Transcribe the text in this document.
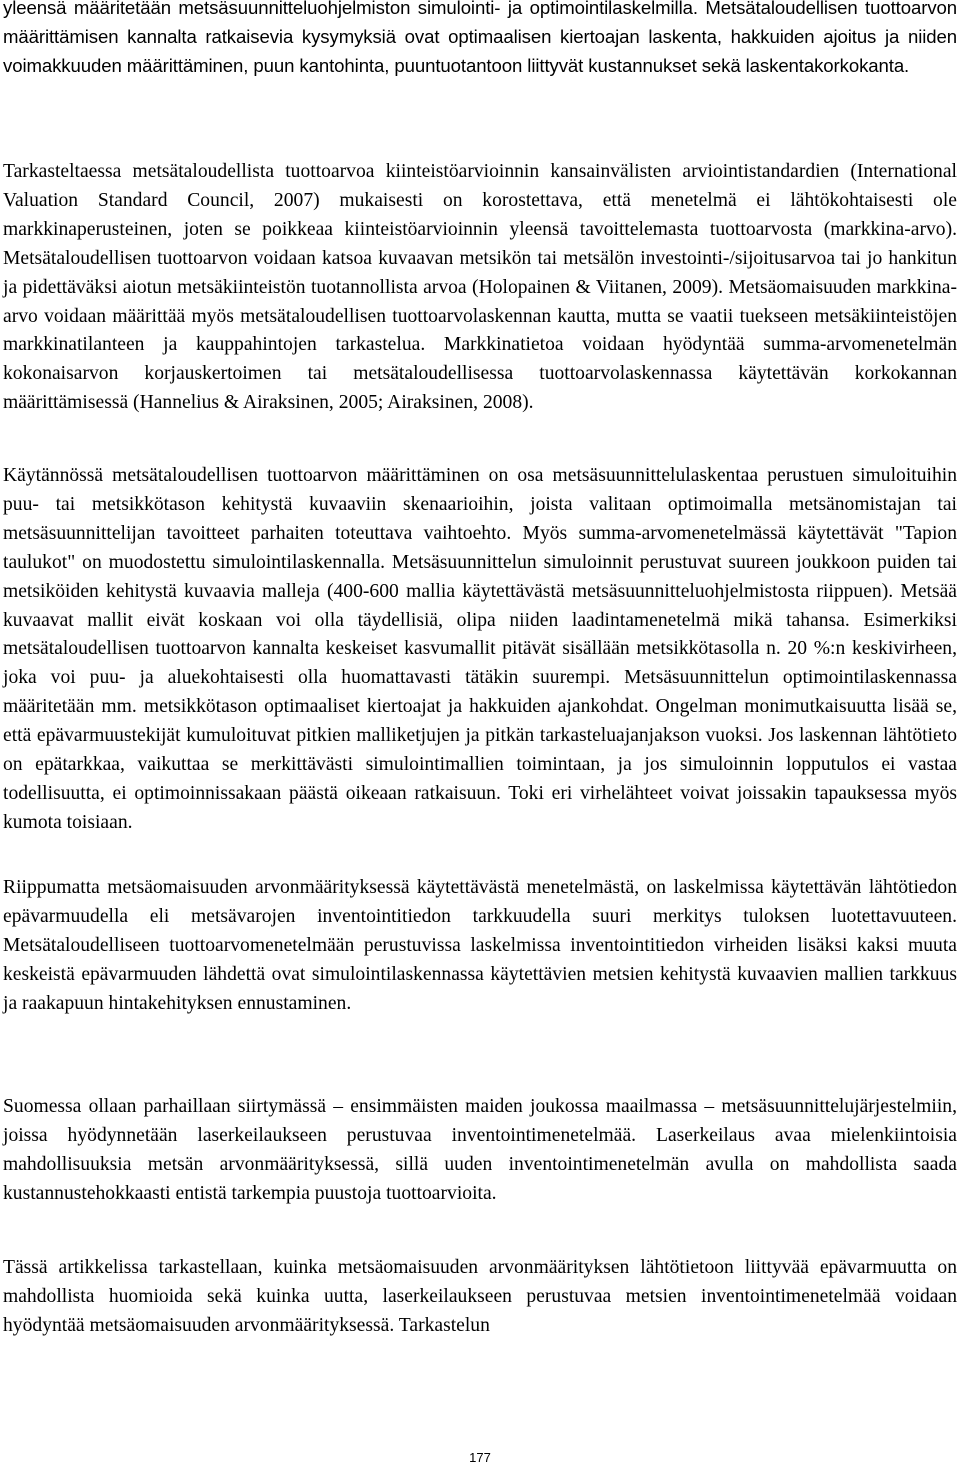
yleensä määritetään metsäsuunnitteluohjelmiston simulointi- ja optimointilaskelmilla. Metsätaloudellisen tuottoarvon määrittämisen kannalta ratkaisevia kysymyksiä ovat optimaalisen kiertoajan laskenta, hakkuiden ajoitus ja niiden voimakkuuden määrittäminen, puun kantohinta, puuntuotantoon liittyvät kustannukset sekä laskentakorkokanta.

Tarkasteltaessa metsätaloudellista tuottoarvoa kiinteistöarvioinnin kansainvälisten arviointistandardien (International Valuation Standard Council, 2007) mukaisesti on korostettava, että menetelmä ei lähtökohtaisesti ole markkinaperusteinen, joten se poikkeaa kiinteistöarvioinnin yleensä tavoittelemasta tuottoarvosta (markkina-arvo). Metsätaloudellisen tuottoarvon voidaan katsoa kuvaavan metsikön tai metsälön investointi-/sijoitusarvoa tai jo hankitun ja pidettäväksi aiotun metsäkiinteistön tuotannollista arvoa (Holopainen & Viitanen, 2009). Metsäomaisuuden markkina-arvo voidaan määrittää myös metsätaloudellisen tuottoarvolaskennan kautta, mutta se vaatii tuekseen metsäkiinteistöjen markkinatilanteen ja kauppahintojen tarkastelua. Markkinatietoa voidaan hyödyntää summa-arvomenetelmän kokonaisarvon korjauskertoimen tai metsätaloudellisessa tuottoarvolaskennassa käytettävän korkokannan määrittämisessä (Hannelius & Airaksinen, 2005; Airaksinen, 2008).

Käytännössä metsätaloudellisen tuottoarvon määrittäminen on osa metsäsuunnittelulaskentaa perustuen simuloituihin puu- tai metsikkötason kehitystä kuvaaviin skenaarioihin, joista valitaan optimoimalla metsänomistajan tai metsäsuunnittelijan tavoitteet parhaiten toteuttava vaihtoehto. Myös summa-arvomenetelmässä käytettävät "Tapion taulukot" on muodostettu simulointilaskennalla. Metsäsuunnittelun simuloinnit perustuvat suureen joukkoon puiden tai metsiköiden kehitystä kuvaavia malleja (400-600 mallia käytettävästä metsäsuunnitteluohjelmistosta riippuen). Metsää kuvaavat mallit eivät koskaan voi olla täydellisiä, olipa niiden laadintamenetelmä mikä tahansa. Esimerkiksi metsätaloudellisen tuottoarvon kannalta keskeiset kasvumallit pitävät sisällään metsikkötasolla n. 20 %:n keskivirheen, joka voi puu- ja aluekohtaisesti olla huomattavasti tätäkin suurempi. Metsäsuunnittelun optimointilaskennassa määritetään mm. metsikkötason optimaaliset kiertoajat ja hakkuiden ajankohdat. Ongelman monimutkaisuutta lisää se, että epävarmuustekijät kumuloituvat pitkien malliketjujen ja pitkän tarkasteluajanjakson vuoksi. Jos laskennan lähtötieto on epätarkkaa, vaikuttaa se merkittävästi simulointimallien toimintaan, ja jos simuloinnin lopputulos ei vastaa todellisuutta, ei optimoinnissakaan päästä oikeaan ratkaisuun. Toki eri virhelähteet voivat joissakin tapauksessa myös kumota toisiaan.

Riippumatta metsäomaisuuden arvonmäärityksessä käytettävästä menetelmästä, on laskelmissa käytettävän lähtötiedon epävarmuudella eli metsävarojen inventointitiedon tarkkuudella suuri merkitys tuloksen luotettavuuteen. Metsätaloudelliseen tuottoarvomenetelmään perustuvissa laskelmissa inventointitiedon virheiden lisäksi kaksi muuta keskeistä epävarmuuden lähdettä ovat simulointilaskennassa käytettävien metsien kehitystä kuvaavien mallien tarkkuus ja raakapuun hintakehityksen ennustaminen.

Suomessa ollaan parhaillaan siirtymässä – ensimmäisten maiden joukossa maailmassa – metsäsuunnittelujärjestelmiin, joissa hyödynnetään laserkeilaukseen perustuvaa inventointimenetelmää. Laserkeilaus avaa mielenkiintoisia mahdollisuuksia metsän arvonmäärityksessä, sillä uuden inventointimenetelmän avulla on mahdollista saada kustannustehokkaasti entistä tarkempia puustoja tuottoarvioita.

Tässä artikkelissa tarkastellaan, kuinka metsäomaisuuden arvonmäärityksen lähtötietoon liittyvää epävarmuutta on mahdollista huomioida sekä kuinka uutta, laserkeilaukseen perustuvaa metsien inventointimenetelmää voidaan hyödyntää metsäomaisuuden arvonmäärityksessä. Tarkastelun

177
